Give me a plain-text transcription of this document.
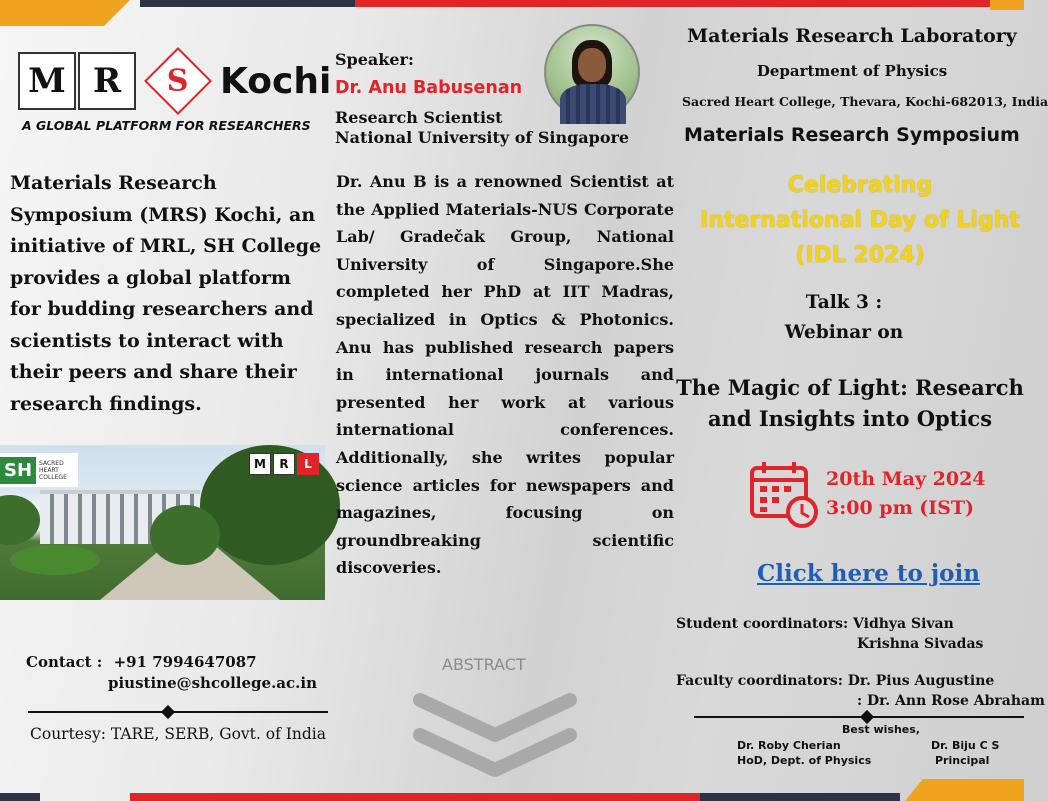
M R	S Kochi
A GLOBAL PLATFORM FOR RESEARCHERS
Materials Research Symposium (MRS) Kochi, an initiative of MRL, SH College provides a global platform for budding researchers and scientists to interact with their peers and share their research findings.
SH	SACRED HEART COLLEGE
M	R	L
Contact : +91 7994647087
piustine@shcollege.ac.in
Courtesy: TARE, SERB, Govt. of India
Speaker:
Dr. Anu Babusenan
Research Scientist
National University of Singapore
Dr. Anu B is a renowned Scientist at the Applied Materials-NUS Corporate Lab/ Gradečak Group, National University of Singapore.She completed her PhD at IIT Madras, specialized in Optics & Photonics. Anu has published research papers in international journals and presented her work at various international conferences. Additionally, she writes popular science articles for newspapers and magazines, focusing on groundbreaking scientific discoveries.
ABSTRACT
Materials Research Laboratory
Department of Physics
Sacred Heart College, Thevara, Kochi-682013, India
Materials Research Symposium
Celebrating
International Day of Light
(IDL 2024)
Talk 3 :
Webinar on
The Magic of Light: Research
and Insights into Optics
20th May 2024
3:00 pm (IST)
Click here to join
Student coordinators: Vidhya Sivan
Krishna Sivadas
Faculty coordinators: Dr. Pius Augustine
: Dr. Ann Rose Abraham
Best wishes,
Dr. Roby Cherian
HoD, Dept. of Physics
Dr. Biju C S
Principal
